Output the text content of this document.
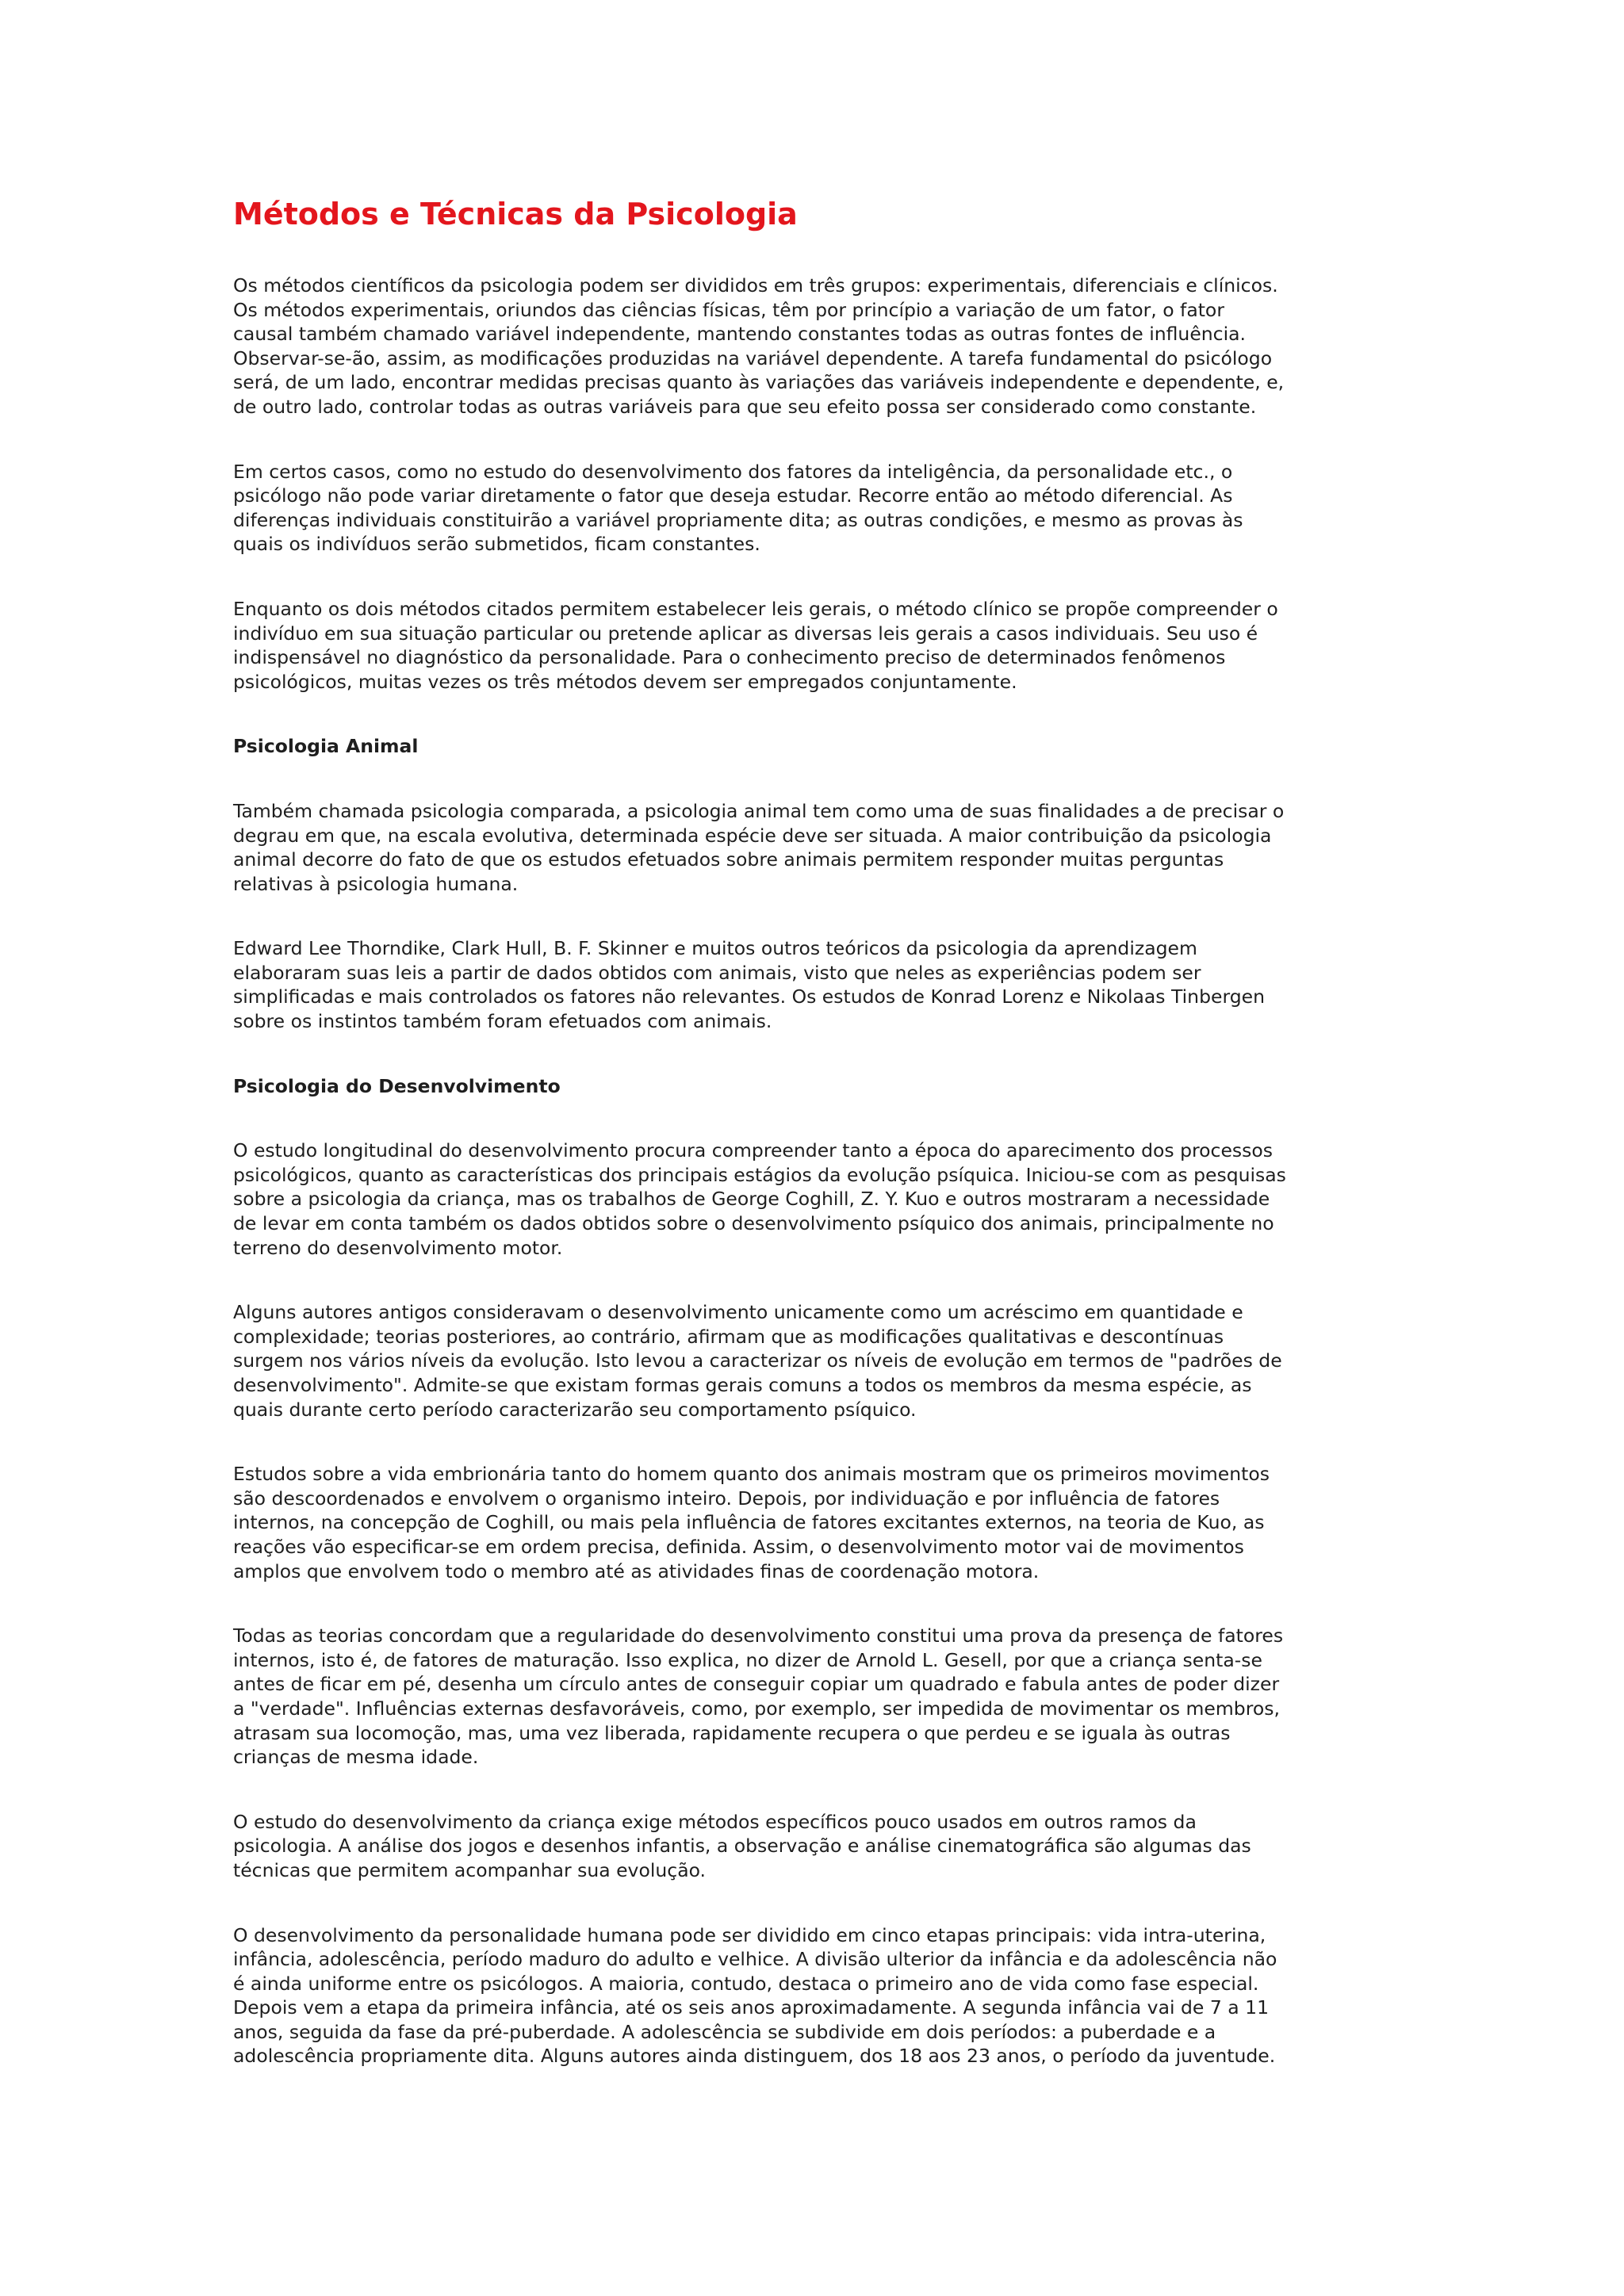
Métodos e Técnicas da Psicologia

Os métodos científicos da psicologia podem ser divididos em três grupos: experimentais, diferenciais e clínicos.
Os métodos experimentais, oriundos das ciências físicas, têm por princípio a variação de um fator, o fator
causal também chamado variável independente, mantendo constantes todas as outras fontes de influência.
Observar-se-ão, assim, as modificações produzidas na variável dependente. A tarefa fundamental do psicólogo
será, de um lado, encontrar medidas precisas quanto às variações das variáveis independente e dependente, e,
de outro lado, controlar todas as outras variáveis para que seu efeito possa ser considerado como constante.

Em certos casos, como no estudo do desenvolvimento dos fatores da inteligência, da personalidade etc., o
psicólogo não pode variar diretamente o fator que deseja estudar. Recorre então ao método diferencial. As
diferenças individuais constituirão a variável propriamente dita; as outras condições, e mesmo as provas às
quais os indivíduos serão submetidos, ficam constantes.

Enquanto os dois métodos citados permitem estabelecer leis gerais, o método clínico se propõe compreender o
indivíduo em sua situação particular ou pretende aplicar as diversas leis gerais a casos individuais. Seu uso é
indispensável no diagnóstico da personalidade. Para o conhecimento preciso de determinados fenômenos
psicológicos, muitas vezes os três métodos devem ser empregados conjuntamente.

Psicologia Animal

Também chamada psicologia comparada, a psicologia animal tem como uma de suas finalidades a de precisar o
degrau em que, na escala evolutiva, determinada espécie deve ser situada. A maior contribuição da psicologia
animal decorre do fato de que os estudos efetuados sobre animais permitem responder muitas perguntas
relativas à psicologia humana.

Edward Lee Thorndike, Clark Hull, B. F. Skinner e muitos outros teóricos da psicologia da aprendizagem
elaboraram suas leis a partir de dados obtidos com animais, visto que neles as experiências podem ser
simplificadas e mais controlados os fatores não relevantes. Os estudos de Konrad Lorenz e Nikolaas Tinbergen
sobre os instintos também foram efetuados com animais.

Psicologia do Desenvolvimento

O estudo longitudinal do desenvolvimento procura compreender tanto a época do aparecimento dos processos
psicológicos, quanto as características dos principais estágios da evolução psíquica. Iniciou-se com as pesquisas
sobre a psicologia da criança, mas os trabalhos de George Coghill, Z. Y. Kuo e outros mostraram a necessidade
de levar em conta também os dados obtidos sobre o desenvolvimento psíquico dos animais, principalmente no
terreno do desenvolvimento motor.

Alguns autores antigos consideravam o desenvolvimento unicamente como um acréscimo em quantidade e
complexidade; teorias posteriores, ao contrário, afirmam que as modificações qualitativas e descontínuas
surgem nos vários níveis da evolução. Isto levou a caracterizar os níveis de evolução em termos de "padrões de
desenvolvimento". Admite-se que existam formas gerais comuns a todos os membros da mesma espécie, as
quais durante certo período caracterizarão seu comportamento psíquico.

Estudos sobre a vida embrionária tanto do homem quanto dos animais mostram que os primeiros movimentos
são descoordenados e envolvem o organismo inteiro. Depois, por individuação e por influência de fatores
internos, na concepção de Coghill, ou mais pela influência de fatores excitantes externos, na teoria de Kuo, as
reações vão especificar-se em ordem precisa, definida. Assim, o desenvolvimento motor vai de movimentos
amplos que envolvem todo o membro até as atividades finas de coordenação motora.

Todas as teorias concordam que a regularidade do desenvolvimento constitui uma prova da presença de fatores
internos, isto é, de fatores de maturação. Isso explica, no dizer de Arnold L. Gesell, por que a criança senta-se
antes de ficar em pé, desenha um círculo antes de conseguir copiar um quadrado e fabula antes de poder dizer
a "verdade". Influências externas desfavoráveis, como, por exemplo, ser impedida de movimentar os membros,
atrasam sua locomoção, mas, uma vez liberada, rapidamente recupera o que perdeu e se iguala às outras
crianças de mesma idade.

O estudo do desenvolvimento da criança exige métodos específicos pouco usados em outros ramos da
psicologia. A análise dos jogos e desenhos infantis, a observação e análise cinematográfica são algumas das
técnicas que permitem acompanhar sua evolução.

O desenvolvimento da personalidade humana pode ser dividido em cinco etapas principais: vida intra-uterina,
infância, adolescência, período maduro do adulto e velhice. A divisão ulterior da infância e da adolescência não
é ainda uniforme entre os psicólogos. A maioria, contudo, destaca o primeiro ano de vida como fase especial.
Depois vem a etapa da primeira infância, até os seis anos aproximadamente. A segunda infância vai de 7 a 11
anos, seguida da fase da pré-puberdade. A adolescência se subdivide em dois períodos: a puberdade e a
adolescência propriamente dita. Alguns autores ainda distinguem, dos 18 aos 23 anos, o período da juventude.
